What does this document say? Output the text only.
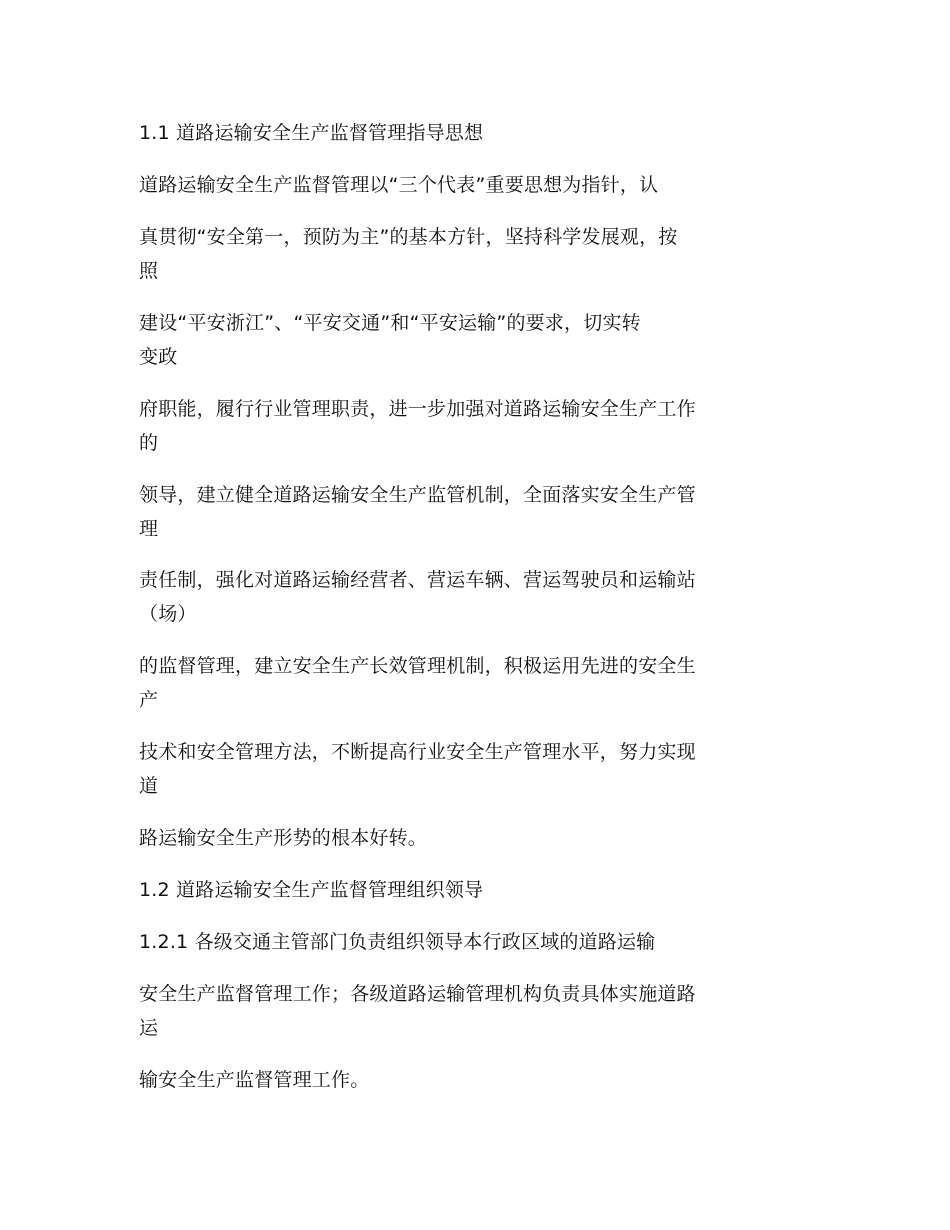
1.1 道路运输安全生产监督管理指导思想
道路运输安全生产监督管理以“三个代表”重要思想为指针，认
真贯彻“安全第一，预防为主”的基本方针，坚持科学发展观，按
照
建设“平安浙江”、“平安交通”和“平安运输”的要求，切实转
变政
府职能，履行行业管理职责，进一步加强对道路运输安全生产工作
的
领导，建立健全道路运输安全生产监管机制，全面落实安全生产管
理
责任制，强化对道路运输经营者、营运车辆、营运驾驶员和运输站
（场）
的监督管理，建立安全生产长效管理机制，积极运用先进的安全生
产
技术和安全管理方法，不断提高行业安全生产管理水平，努力实现
道
路运输安全生产形势的根本好转。
1.2 道路运输安全生产监督管理组织领导
1.2.1 各级交通主管部门负责组织领导本行政区域的道路运输
安全生产监督管理工作；各级道路运输管理机构负责具体实施道路
运
输安全生产监督管理工作。
